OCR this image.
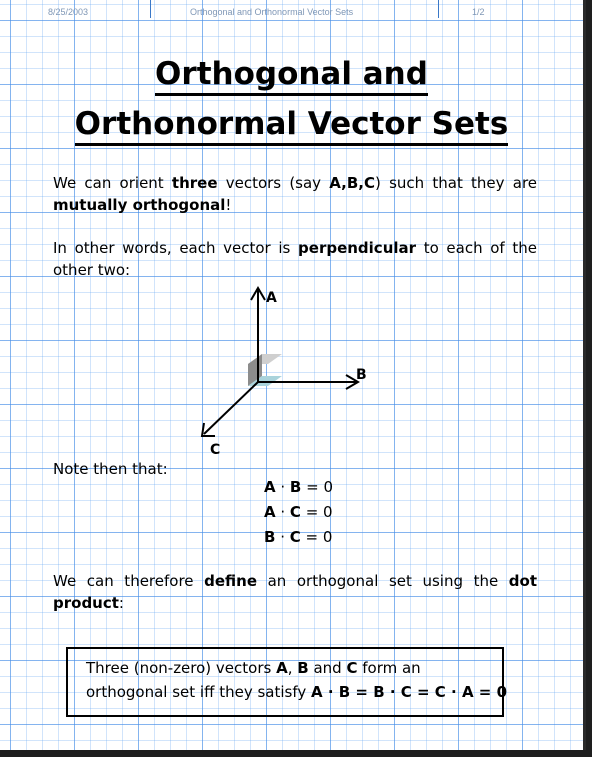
8/25/2003	Orthogonal and Orthonormal Vector Sets	1/2
Orthogonal and
Orthonormal Vector Sets
We can orient three vectors (say A,B,C) such that they are mutually orthogonal!
In other words, each vector is perpendicular to each of the other two:
A
B
C
Note then that:
A · B = 0
A · C = 0
B · C = 0
We can therefore define an orthogonal set using the dot product:
Three (non-zero) vectors A, B and C form an
orthogonal set iff they satisfy A · B = B · C = C · A = 0
